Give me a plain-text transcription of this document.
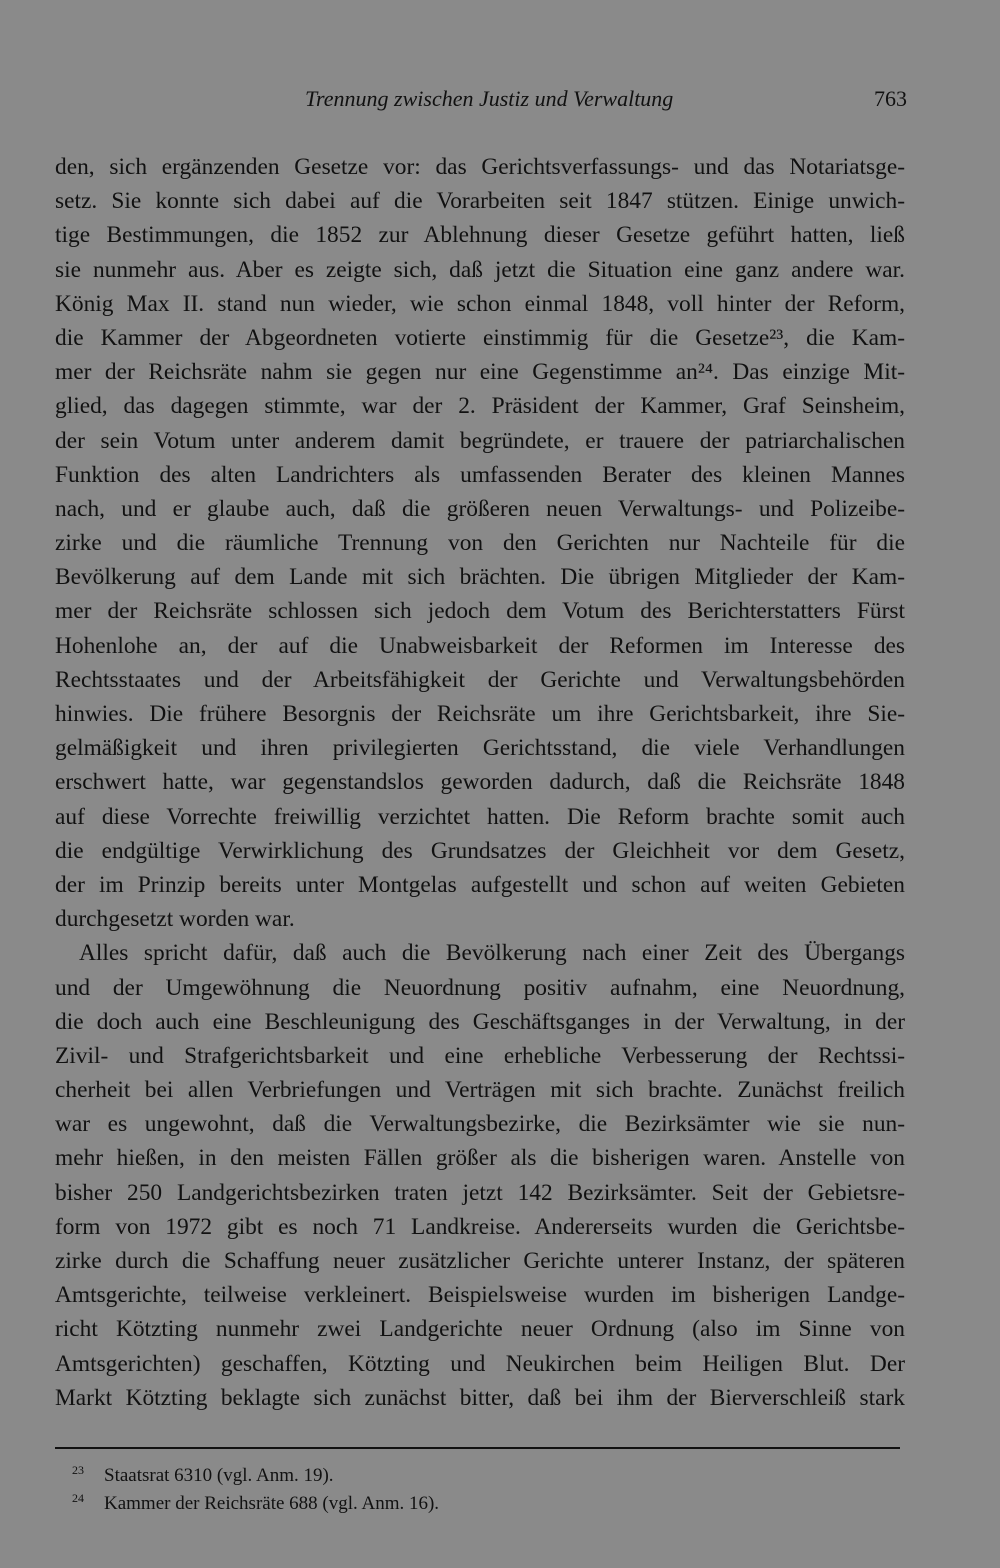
Trennung zwischen Justiz und Verwaltung	763
den, sich ergänzenden Gesetze vor: das Gerichtsverfassungs- und das Notariatsge-
setz. Sie konnte sich dabei auf die Vorarbeiten seit 1847 stützen. Einige unwich-
tige Bestimmungen, die 1852 zur Ablehnung dieser Gesetze geführt hatten, ließ
sie nunmehr aus. Aber es zeigte sich, daß jetzt die Situation eine ganz andere war.
König Max II. stand nun wieder, wie schon einmal 1848, voll hinter der Reform,
die Kammer der Abgeordneten votierte einstimmig für die Gesetze²³, die Kam-
mer der Reichsräte nahm sie gegen nur eine Gegenstimme an²⁴. Das einzige Mit-
glied, das dagegen stimmte, war der 2. Präsident der Kammer, Graf Seinsheim,
der sein Votum unter anderem damit begründete, er trauere der patriarchalischen
Funktion des alten Landrichters als umfassenden Berater des kleinen Mannes
nach, und er glaube auch, daß die größeren neuen Verwaltungs- und Polizeibe-
zirke und die räumliche Trennung von den Gerichten nur Nachteile für die
Bevölkerung auf dem Lande mit sich brächten. Die übrigen Mitglieder der Kam-
mer der Reichsräte schlossen sich jedoch dem Votum des Berichterstatters Fürst
Hohenlohe an, der auf die Unabweisbarkeit der Reformen im Interesse des
Rechtsstaates und der Arbeitsfähigkeit der Gerichte und Verwaltungsbehörden
hinwies. Die frühere Besorgnis der Reichsräte um ihre Gerichtsbarkeit, ihre Sie-
gelmäßigkeit und ihren privilegierten Gerichtsstand, die viele Verhandlungen
erschwert hatte, war gegenstandslos geworden dadurch, daß die Reichsräte 1848
auf diese Vorrechte freiwillig verzichtet hatten. Die Reform brachte somit auch
die endgültige Verwirklichung des Grundsatzes der Gleichheit vor dem Gesetz,
der im Prinzip bereits unter Montgelas aufgestellt und schon auf weiten Gebieten
durchgesetzt worden war.
Alles spricht dafür, daß auch die Bevölkerung nach einer Zeit des Übergangs
und der Umgewöhnung die Neuordnung positiv aufnahm, eine Neuordnung,
die doch auch eine Beschleunigung des Geschäftsganges in der Verwaltung, in der
Zivil- und Strafgerichtsbarkeit und eine erhebliche Verbesserung der Rechtssi-
cherheit bei allen Verbriefungen und Verträgen mit sich brachte. Zunächst freilich
war es ungewohnt, daß die Verwaltungsbezirke, die Bezirksämter wie sie nun-
mehr hießen, in den meisten Fällen größer als die bisherigen waren. Anstelle von
bisher 250 Landgerichtsbezirken traten jetzt 142 Bezirksämter. Seit der Gebietsre-
form von 1972 gibt es noch 71 Landkreise. Andererseits wurden die Gerichtsbe-
zirke durch die Schaffung neuer zusätzlicher Gerichte unterer Instanz, der späteren
Amtsgerichte, teilweise verkleinert. Beispielsweise wurden im bisherigen Landge-
richt Kötzting nunmehr zwei Landgerichte neuer Ordnung (also im Sinne von
Amtsgerichten) geschaffen, Kötzting und Neukirchen beim Heiligen Blut. Der
Markt Kötzting beklagte sich zunächst bitter, daß bei ihm der Bierverschleiß stark
23 Staatsrat 6310 (vgl. Anm. 19).
24 Kammer der Reichsräte 688 (vgl. Anm. 16).
